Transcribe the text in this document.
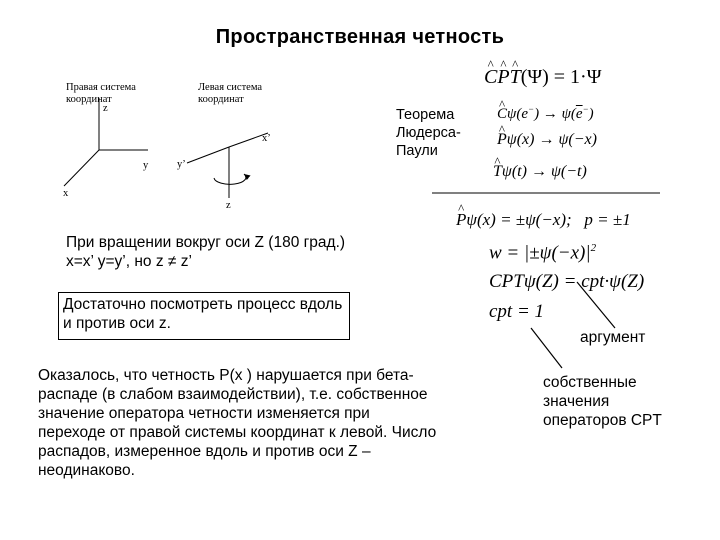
Пространственная четность
Правая система координат
Левая система координат
z
y
x
x’
y’
z
Теорема Людерса-Паули
^ C^ P^ T(Ψ) = 1·Ψ
^ $C\psi(e^-) \to \psi(\overline{e}^-)$
^ Pψ(x) → ψ(−x)
^ Tψ(t) → ψ(−t)
^ Pψ(x) = ±ψ(−x);   p = ±1
$w = |\pm\psi(-x)|^2$
CPTψ(Z) = cpt·ψ(Z)
cpt = 1
При вращении вокруг оси Z (180 град.) x=x’ y=y’, но z ≠ z’
Достаточно посмотреть процесс вдоль и против оси z.
Оказалось, что четность P(x ) нарушается при бета-распаде (в слабом взаимодействии), т.е. собственное значение оператора четности изменяется при переходе от правой системы координат к левой. Число распадов, измеренное вдоль и против оси Z – неодинаково.
аргумент
собственные значения операторов CPT
